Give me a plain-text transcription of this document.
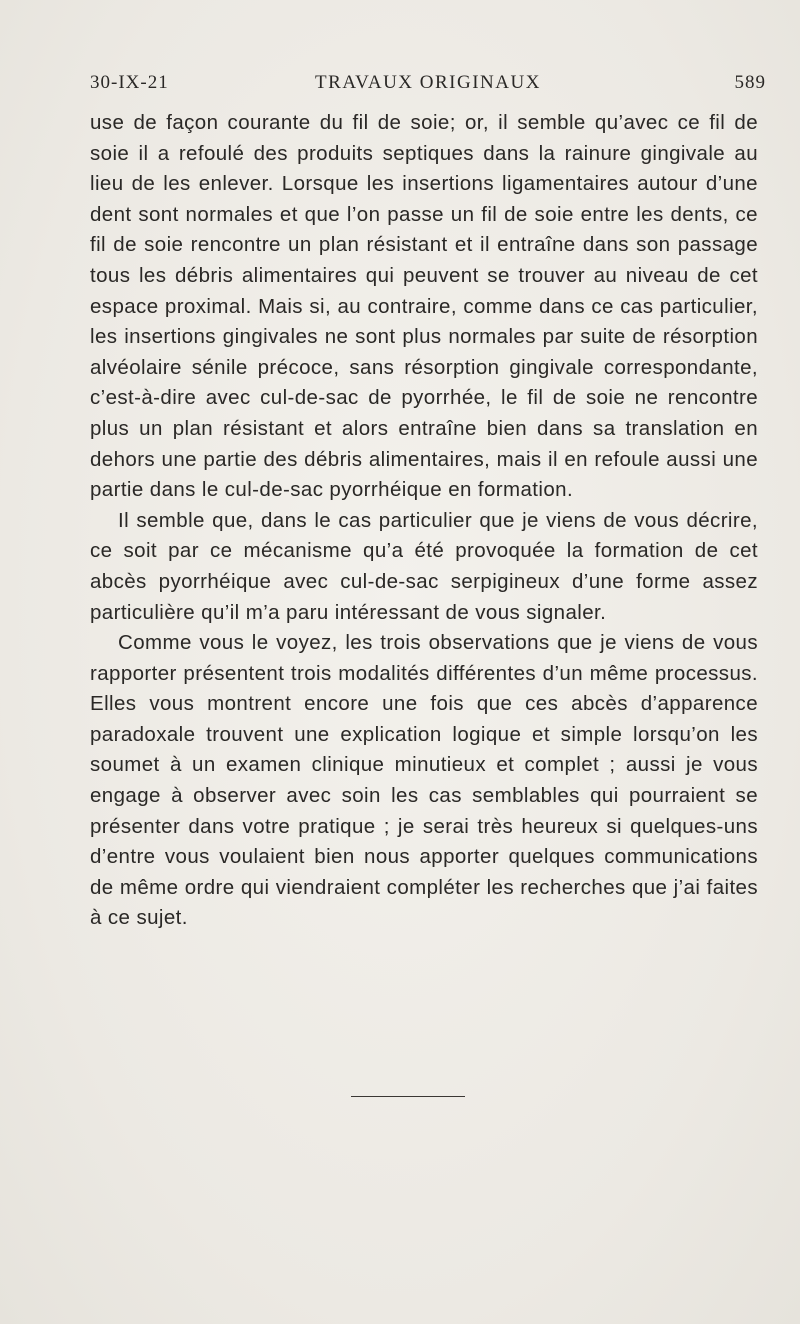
30-IX-21	TRAVAUX ORIGINAUX	589

use de façon courante du fil de soie; or, il semble qu’avec ce fil de soie il a refoulé des produits septiques dans la rainure gingivale au lieu de les enlever. Lorsque les insertions ligamentaires autour d’une dent sont normales et que l’on passe un fil de soie entre les dents, ce fil de soie rencontre un plan résistant et il entraîne dans son passage tous les débris alimentaires qui peuvent se trouver au niveau de cet espace proximal. Mais si, au contraire, comme dans ce cas particulier, les insertions gingivales ne sont plus normales par suite de résorption alvéolaire sénile précoce, sans résorption gingivale correspondante, c’est-à-dire avec cul-de-sac de pyorrhée, le fil de soie ne rencontre plus un plan résistant et alors entraîne bien dans sa translation en dehors une partie des débris alimentaires, mais il en refoule aussi une partie dans le cul-de-sac pyorrhéique en formation.

Il semble que, dans le cas particulier que je viens de vous décrire, ce soit par ce mécanisme qu’a été provoquée la formation de cet abcès pyorrhéique avec cul-de-sac serpigineux d’une forme assez particulière qu’il m’a paru intéressant de vous signaler.

Comme vous le voyez, les trois observations que je viens de vous rapporter présentent trois modalités différentes d’un même processus. Elles vous montrent encore une fois que ces abcès d’apparence paradoxale trouvent une explication logique et simple lorsqu’on les soumet à un examen clinique minutieux et complet ; aussi je vous engage à observer avec soin les cas semblables qui pourraient se présenter dans votre pratique ; je serai très heureux si quelques-uns d’entre vous voulaient bien nous apporter quelques communications de même ordre qui viendraient compléter les recherches que j’ai faites à ce sujet.
